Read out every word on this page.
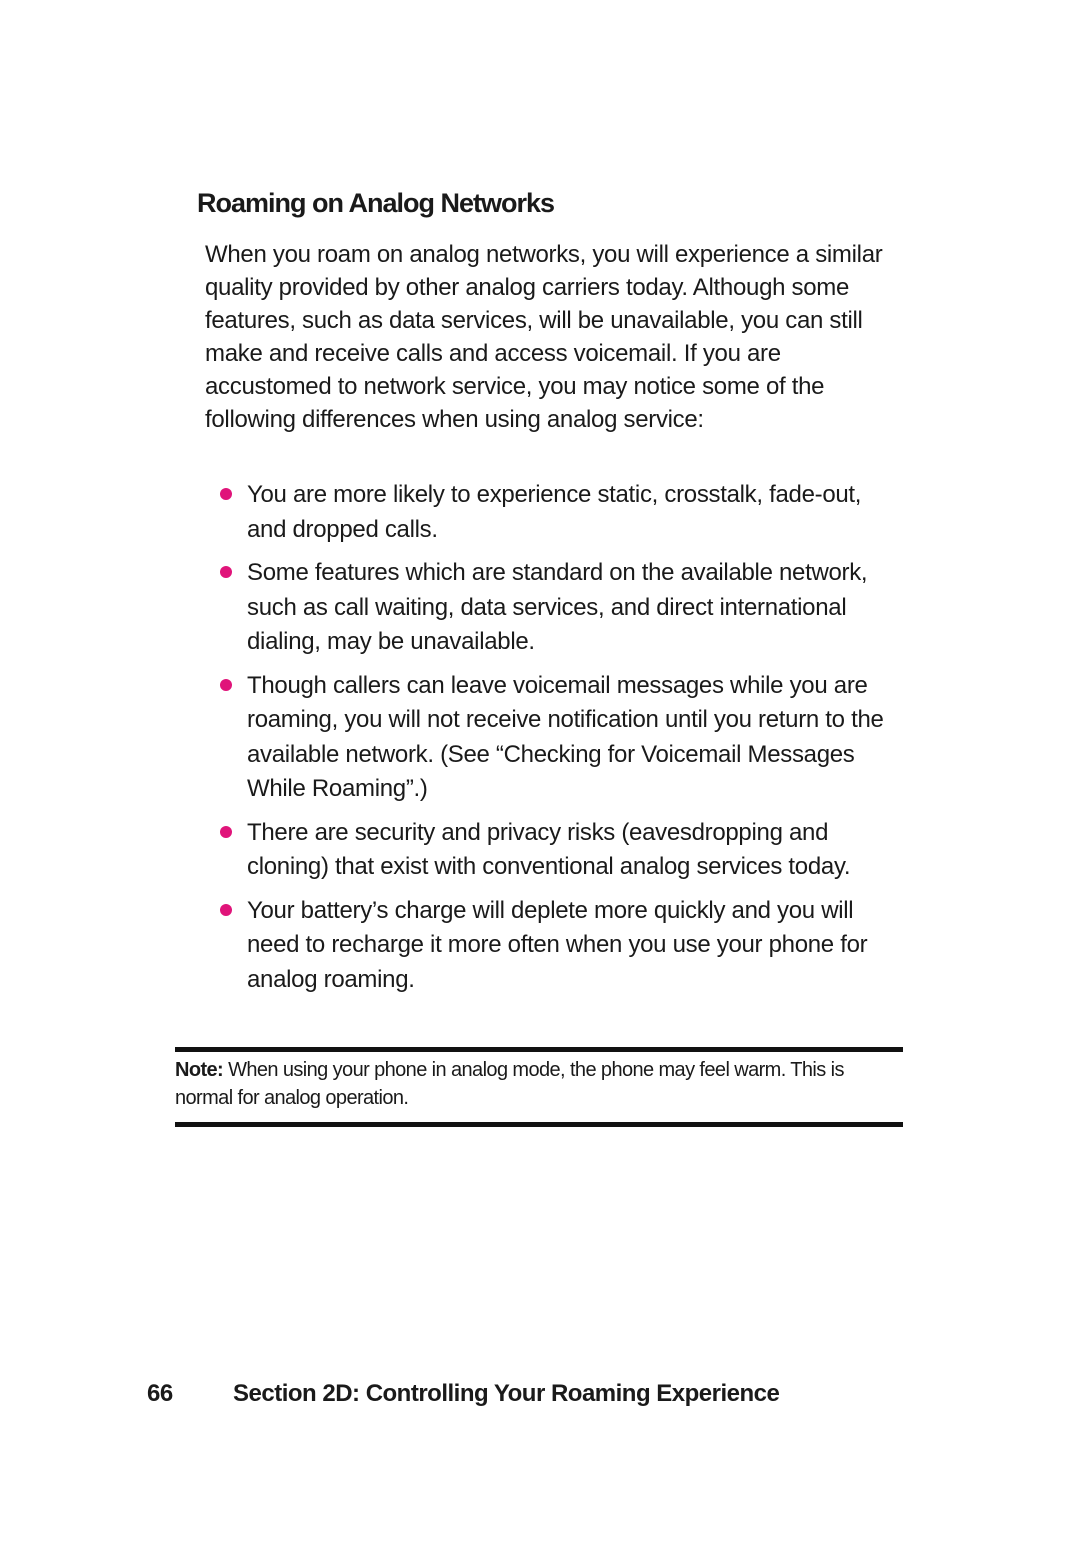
Roaming on Analog Networks

When you roam on analog networks, you will experience a similar quality provided by other analog carriers today. Although some features, such as data services, will be unavailable, you can still make and receive calls and access voicemail. If you are accustomed to network service, you may notice some of the following differences when using analog service:

You are more likely to experience static, crosstalk, fade-out, and dropped calls.
Some features which are standard on the available network, such as call waiting, data services, and direct international dialing, may be unavailable.
Though callers can leave voicemail messages while you are roaming, you will not receive notification until you return to the available network. (See “Checking for Voicemail Messages While Roaming”.)
There are security and privacy risks (eavesdropping and cloning) that exist with conventional analog services today.
Your battery’s charge will deplete more quickly and you will need to recharge it more often when you use your phone for analog roaming.

Note: When using your phone in analog mode, the phone may feel warm. This is normal for analog operation.

66	Section 2D: Controlling Your Roaming Experience
